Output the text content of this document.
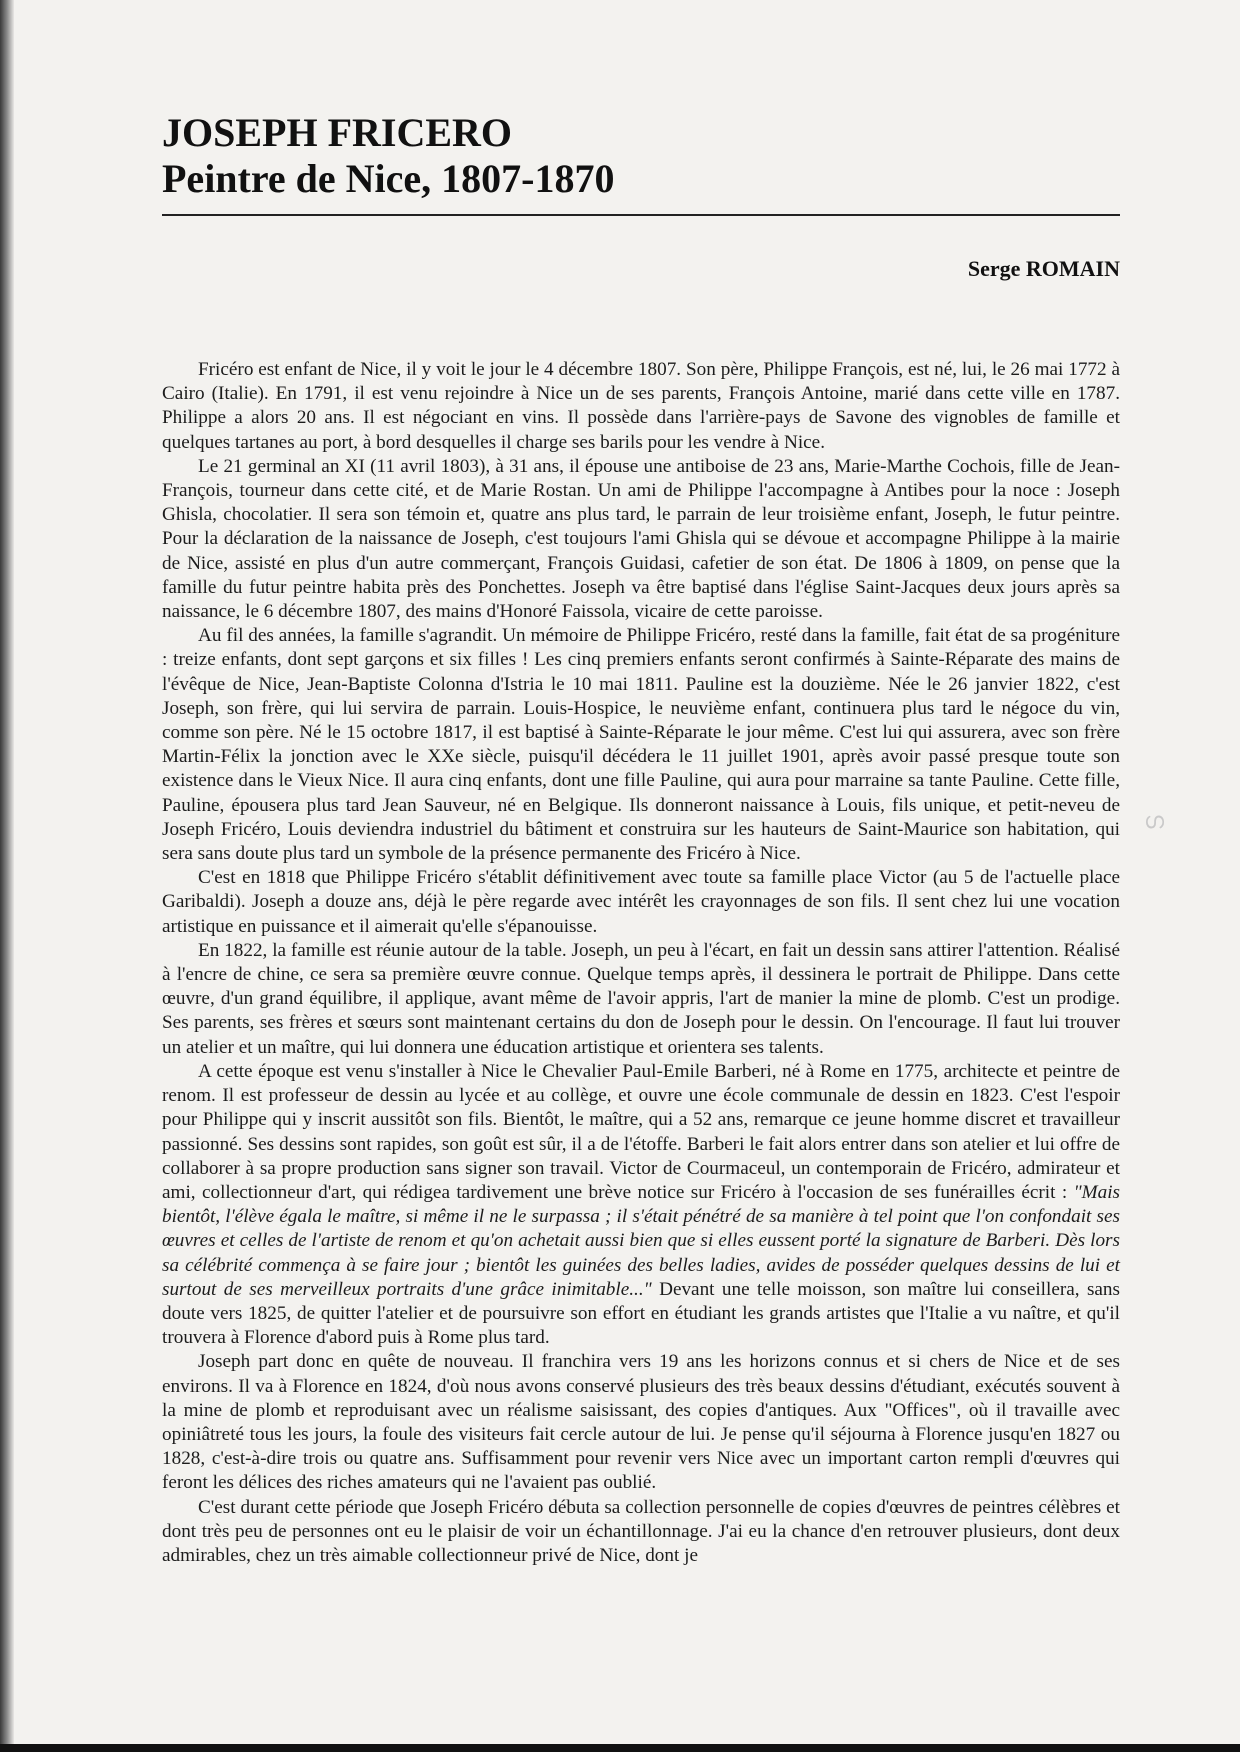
JOSEPH FRICERO
Peintre de Nice, 1807-1870
Serge ROMAIN

Fricéro est enfant de Nice, il y voit le jour le 4 décembre 1807. Son père, Philippe François, est né, lui, le 26 mai 1772 à Cairo (Italie). En 1791, il est venu rejoindre à Nice un de ses parents, François Antoine, marié dans cette ville en 1787. Philippe a alors 20 ans. Il est négociant en vins. Il possède dans l'arrière-pays de Savone des vignobles de famille et quelques tartanes au port, à bord desquelles il charge ses barils pour les vendre à Nice.

Le 21 germinal an XI (11 avril 1803), à 31 ans, il épouse une antiboise de 23 ans, Marie-Marthe Cochois, fille de Jean-François, tourneur dans cette cité, et de Marie Rostan. Un ami de Philippe l'accompagne à Antibes pour la noce : Joseph Ghisla, chocolatier. Il sera son témoin et, quatre ans plus tard, le parrain de leur troisième enfant, Joseph, le futur peintre. Pour la déclaration de la naissance de Joseph, c'est toujours l'ami Ghisla qui se dévoue et accompagne Philippe à la mairie de Nice, assisté en plus d'un autre commerçant, François Guidasi, cafetier de son état. De 1806 à 1809, on pense que la famille du futur peintre habita près des Ponchettes. Joseph va être baptisé dans l'église Saint-Jacques deux jours après sa naissance, le 6 décembre 1807, des mains d'Honoré Faissola, vicaire de cette paroisse.

Au fil des années, la famille s'agrandit. Un mémoire de Philippe Fricéro, resté dans la famille, fait état de sa progéniture : treize enfants, dont sept garçons et six filles ! Les cinq premiers enfants seront confirmés à Sainte-Réparate des mains de l'évêque de Nice, Jean-Baptiste Colonna d'Istria le 10 mai 1811. Pauline est la douzième. Née le 26 janvier 1822, c'est Joseph, son frère, qui lui servira de parrain. Louis-Hospice, le neuvième enfant, continuera plus tard le négoce du vin, comme son père. Né le 15 octobre 1817, il est baptisé à Sainte-Réparate le jour même. C'est lui qui assurera, avec son frère Martin-Félix la jonction avec le XXe siècle, puisqu'il décédera le 11 juillet 1901, après avoir passé presque toute son existence dans le Vieux Nice. Il aura cinq enfants, dont une fille Pauline, qui aura pour marraine sa tante Pauline. Cette fille, Pauline, épousera plus tard Jean Sauveur, né en Belgique. Ils donneront naissance à Louis, fils unique, et petit-neveu de Joseph Fricéro, Louis deviendra industriel du bâtiment et construira sur les hauteurs de Saint-Maurice son habitation, qui sera sans doute plus tard un symbole de la présence permanente des Fricéro à Nice.

C'est en 1818 que Philippe Fricéro s'établit définitivement avec toute sa famille place Victor (au 5 de l'actuelle place Garibaldi). Joseph a douze ans, déjà le père regarde avec intérêt les crayonnages de son fils. Il sent chez lui une vocation artistique en puissance et il aimerait qu'elle s'épanouisse.

En 1822, la famille est réunie autour de la table. Joseph, un peu à l'écart, en fait un dessin sans attirer l'attention. Réalisé à l'encre de chine, ce sera sa première œuvre connue. Quelque temps après, il dessinera le portrait de Philippe. Dans cette œuvre, d'un grand équilibre, il applique, avant même de l'avoir appris, l'art de manier la mine de plomb. C'est un prodige. Ses parents, ses frères et sœurs sont maintenant certains du don de Joseph pour le dessin. On l'encourage. Il faut lui trouver un atelier et un maître, qui lui donnera une éducation artistique et orientera ses talents.

A cette époque est venu s'installer à Nice le Chevalier Paul-Emile Barberi, né à Rome en 1775, architecte et peintre de renom. Il est professeur de dessin au lycée et au collège, et ouvre une école communale de dessin en 1823. C'est l'espoir pour Philippe qui y inscrit aussitôt son fils. Bientôt, le maître, qui a 52 ans, remarque ce jeune homme discret et travailleur passionné. Ses dessins sont rapides, son goût est sûr, il a de l'étoffe. Barberi le fait alors entrer dans son atelier et lui offre de collaborer à sa propre production sans signer son travail. Victor de Courmaceul, un contemporain de Fricéro, admirateur et ami, collectionneur d'art, qui rédigea tardivement une brève notice sur Fricéro à l'occasion de ses funérailles écrit : "Mais bientôt, l'élève égala le maître, si même il ne le surpassa ; il s'était pénétré de sa manière à tel point que l'on confondait ses œuvres et celles de l'artiste de renom et qu'on achetait aussi bien que si elles eussent porté la signature de Barberi. Dès lors sa célébrité commença à se faire jour ; bientôt les guinées des belles ladies, avides de posséder quelques dessins de lui et surtout de ses merveilleux portraits d'une grâce inimitable..." Devant une telle moisson, son maître lui conseillera, sans doute vers 1825, de quitter l'atelier et de poursuivre son effort en étudiant les grands artistes que l'Italie a vu naître, et qu'il trouvera à Florence d'abord puis à Rome plus tard.

Joseph part donc en quête de nouveau. Il franchira vers 19 ans les horizons connus et si chers de Nice et de ses environs. Il va à Florence en 1824, d'où nous avons conservé plusieurs des très beaux dessins d'étudiant, exécutés souvent à la mine de plomb et reproduisant avec un réalisme saisissant, des copies d'antiques. Aux "Offices", où il travaille avec opiniâtreté tous les jours, la foule des visiteurs fait cercle autour de lui. Je pense qu'il séjourna à Florence jusqu'en 1827 ou 1828, c'est-à-dire trois ou quatre ans. Suffisamment pour revenir vers Nice avec un important carton rempli d'œuvres qui feront les délices des riches amateurs qui ne l'avaient pas oublié.

C'est durant cette période que Joseph Fricéro débuta sa collection personnelle de copies d'œuvres de peintres célèbres et dont très peu de personnes ont eu le plaisir de voir un échantillonnage. J'ai eu la chance d'en retrouver plusieurs, dont deux admirables, chez un très aimable collectionneur privé de Nice, dont je

ഗ
